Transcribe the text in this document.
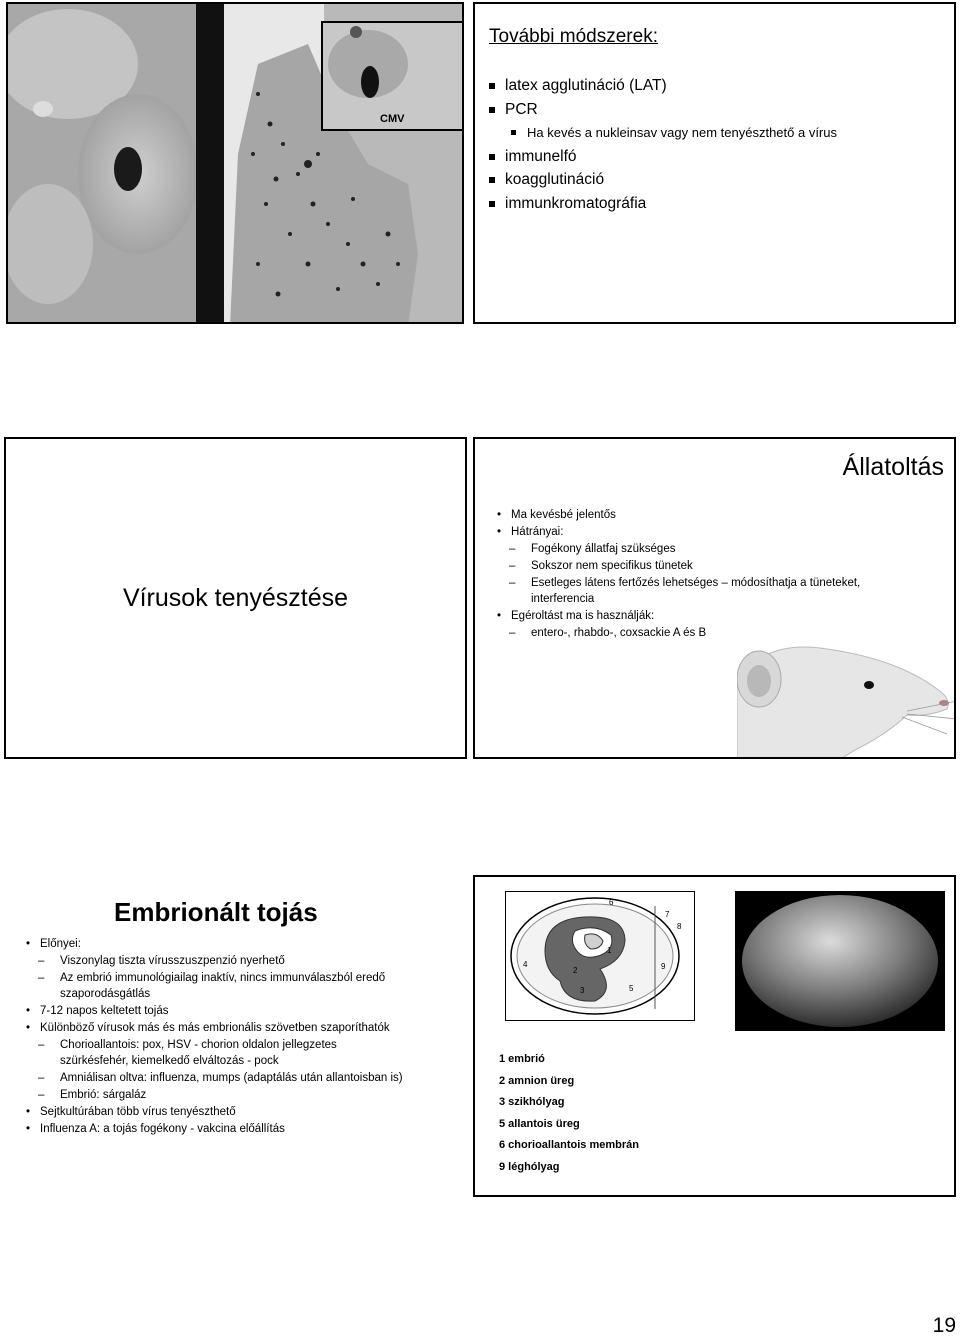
CMV
További módszerek:
latex agglutináció (LAT)
PCR
Ha kevés a nukleinsav vagy nem tenyészthető a vírus
immunelfó
koagglutináció
immunkromatográfia
Vírusok tenyésztése
Állatoltás
• Ma kevésbé jelentős
• Hátrányai:
– Fogékony állatfaj szükséges
– Sokszor nem specifikus tünetek
– Esetleges látens fertőzés lehetséges – módosíthatja a tüneteket,
interferencia
• Egéroltást ma is használják:
– entero-, rhabdo-, coxsackie A és B
Embrionált tojás
• Előnyei:
– Viszonylag tiszta vírusszuszpenzió nyerhető
– Az embrió immunológiailag inaktív, nincs immunválaszból eredő
szaporodásgátlás
• 7-12 napos keltetett tojás
• Különböző vírusok más és más embrionális szövetben szaporíthatók
– Chorioallantois: pox, HSV - chorion oldalon jellegzetes
szürkésfehér, kiemelkedő elváltozás - pock
– Amniálisan oltva: influenza, mumps (adaptálás után allantoisban is)
– Embrió: sárgaláz
• Sejtkultúrában több vírus tenyészthető
• Influenza A: a tojás fogékony - vakcina előállítás
6
7
8
1
2
4	9
3	5
1 embrió
2 amnion üreg
3 szikhólyag
5 allantois üreg
6 chorioallantois membrán
9 léghólyag
19
